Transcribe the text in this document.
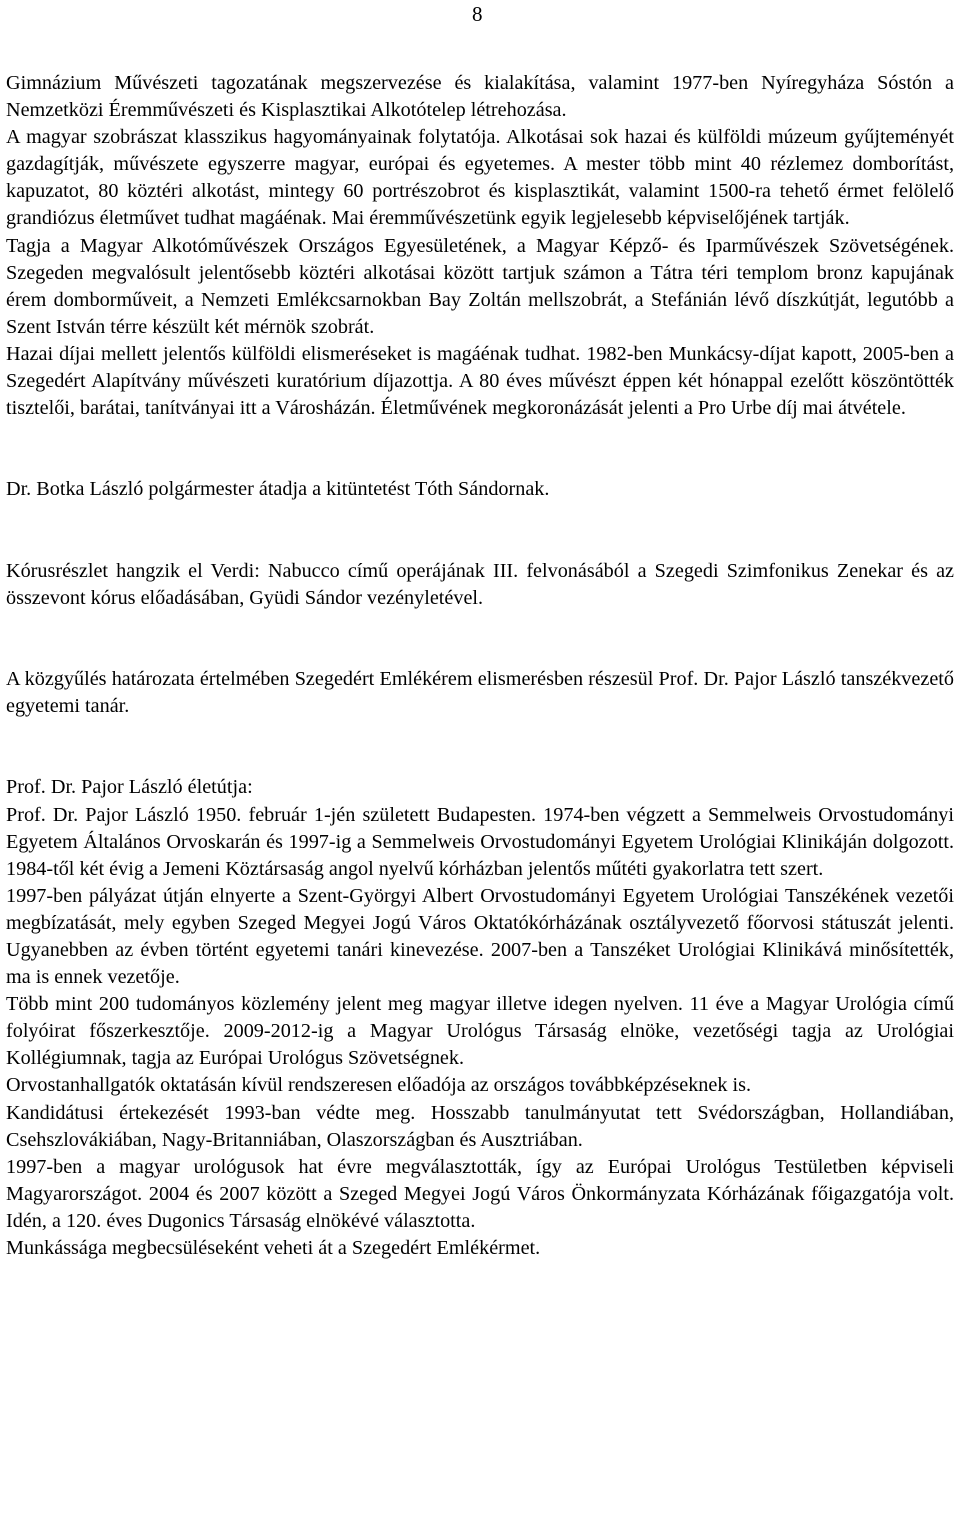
8

Gimnázium Művészeti tagozatának megszervezése és kialakítása, valamint 1977-ben Nyíregyháza Sóstón a Nemzetközi Éremművészeti és Kisplasztikai Alkotótelep létrehozása.

A magyar szobrászat klasszikus hagyományainak folytatója. Alkotásai sok hazai és külföldi múzeum gyűjteményét gazdagítják, művészete egyszerre magyar, európai és egyetemes. A mester több mint 40 rézlemez domborítást, kapuzatot, 80 köztéri alkotást, mintegy 60 portrészobrot és kisplasztikát, valamint 1500-ra tehető érmet felölelő grandiózus életművet tudhat magáénak. Mai éremművészetünk egyik legjelesebb képviselőjének tartják.

Tagja a Magyar Alkotóművészek Országos Egyesületének, a Magyar Képző- és Iparművészek Szövetségének. Szegeden megvalósult jelentősebb köztéri alkotásai között tartjuk számon a Tátra téri templom bronz kapujának érem domborműveit, a Nemzeti Emlékcsarnokban Bay Zoltán mellszobrát, a Stefánián lévő díszkútját, legutóbb a Szent István térre készült két mérnök szobrát.

Hazai díjai mellett jelentős külföldi elismeréseket is magáénak tudhat. 1982-ben Munkácsy-díjat kapott, 2005-ben a Szegedért Alapítvány művészeti kuratórium díjazottja. A 80 éves művészt éppen két hónappal ezelőtt köszöntötték tisztelői, barátai, tanítványai itt a Városházán. Életművének megkoronázását jelenti a Pro Urbe díj mai átvétele.

Dr. Botka László polgármester átadja a kitüntetést Tóth Sándornak.

Kórusrészlet hangzik el Verdi: Nabucco című operájának III. felvonásából a Szegedi Szimfonikus Zenekar és az összevont kórus előadásában, Gyüdi Sándor vezényletével.

A közgyűlés határozata értelmében Szegedért Emlékérem elismerésben részesül Prof. Dr. Pajor László tanszékvezető egyetemi tanár.

Prof. Dr. Pajor László életútja:

Prof. Dr. Pajor László 1950. február 1-jén született Budapesten. 1974-ben végzett a Semmelweis Orvostudományi Egyetem Általános Orvoskarán és 1997-ig a Semmelweis Orvostudományi Egyetem Urológiai Klinikáján dolgozott. 1984-től két évig a Jemeni Köztársaság angol nyelvű kórházban jelentős műtéti gyakorlatra tett szert.

1997-ben pályázat útján elnyerte a Szent-Györgyi Albert Orvostudományi Egyetem Urológiai Tanszékének vezetői megbízatását, mely egyben Szeged Megyei Jogú Város Oktatókórházának osztályvezető főorvosi státuszát jelenti. Ugyanebben az évben történt egyetemi tanári kinevezése. 2007-ben a Tanszéket Urológiai Klinikává minősítették, ma is ennek vezetője.

Több mint 200 tudományos közlemény jelent meg magyar illetve idegen nyelven. 11 éve a Magyar Urológia című folyóirat főszerkesztője. 2009-2012-ig a Magyar Urológus Társaság elnöke, vezetőségi tagja az Urológiai Kollégiumnak, tagja az Európai Urológus Szövetségnek.

Orvostanhallgatók oktatásán kívül rendszeresen előadója az országos továbbképzéseknek is.

Kandidátusi értekezését 1993-ban védte meg. Hosszabb tanulmányutat tett Svédországban, Hollandiában, Csehszlovákiában, Nagy-Britanniában, Olaszországban és Ausztriában.

1997-ben a magyar urológusok hat évre megválasztották, így az Európai Urológus Testületben képviseli Magyarországot. 2004 és 2007 között a Szeged Megyei Jogú Város Önkormányzata Kórházának főigazgatója volt. Idén, a 120. éves Dugonics Társaság elnökévé választotta.

Munkássága megbecsüléseként veheti át a Szegedért Emlékérmet.
